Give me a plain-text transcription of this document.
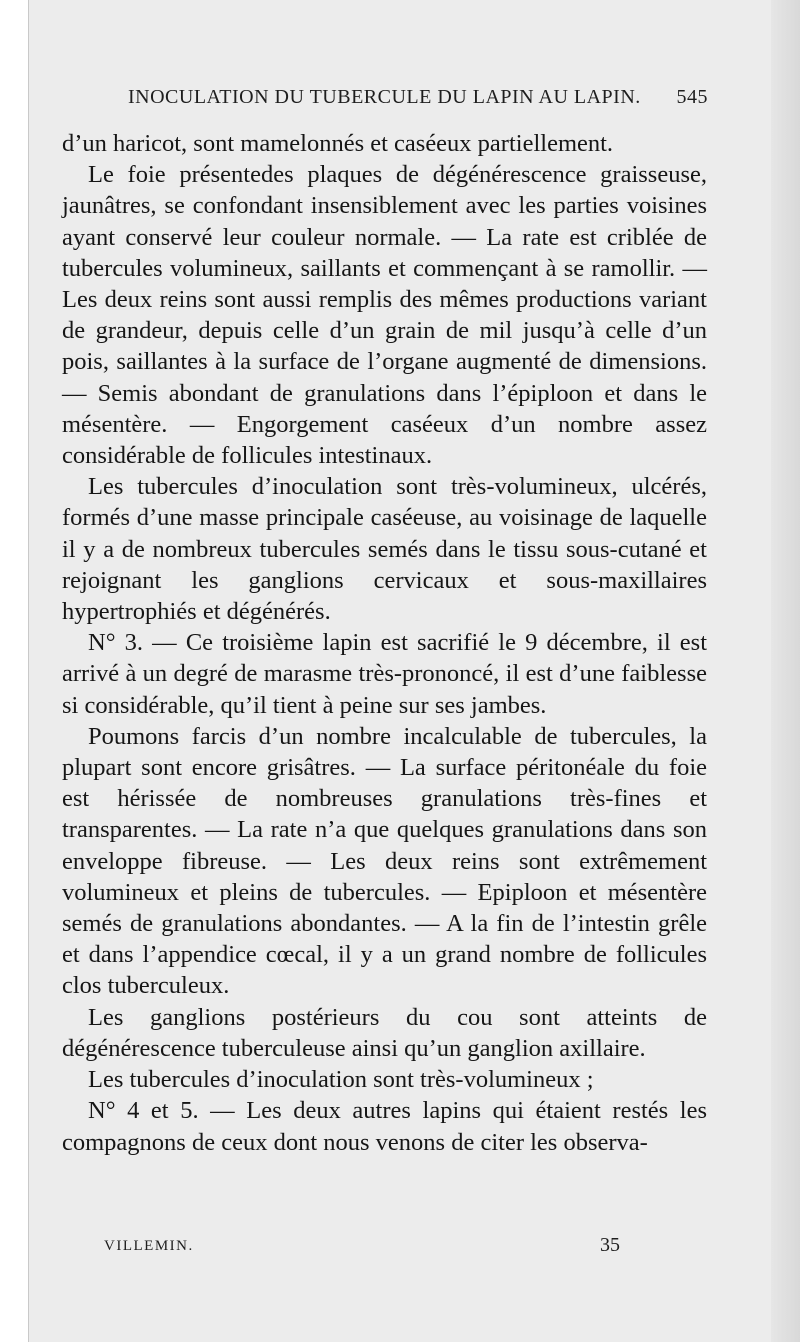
INOCULATION DU TUBERCULE DU LAPIN AU LAPIN. 545

d’un haricot, sont mamelonnés et caséeux partiellement.

Le foie présentedes plaques de dégénérescence graisseuse, jaunâtres, se confondant insensiblement avec les parties voisines ayant conservé leur couleur normale. — La rate est criblée de tubercules volumineux, saillants et commençant à se ramollir. — Les deux reins sont aussi remplis des mêmes productions variant de grandeur, depuis celle d’un grain de mil jusqu’à celle d’un pois, saillantes à la surface de l’organe augmenté de dimensions. — Semis abondant de granulations dans l’épiploon et dans le mésentère. — Engorgement caséeux d’un nombre assez considérable de follicules intestinaux.

Les tubercules d’inoculation sont très-volumineux, ulcérés, formés d’une masse principale caséeuse, au voisinage de laquelle il y a de nombreux tubercules semés dans le tissu sous-cutané et rejoignant les ganglions cervicaux et sous-maxillaires hypertrophiés et dégénérés.

N° 3. — Ce troisième lapin est sacrifié le 9 décembre, il est arrivé à un degré de marasme très-prononcé, il est d’une faiblesse si considérable, qu’il tient à peine sur ses jambes.

Poumons farcis d’un nombre incalculable de tubercules, la plupart sont encore grisâtres. — La surface péritonéale du foie est hérissée de nombreuses granulations très-fines et transparentes. — La rate n’a que quelques granulations dans son enveloppe fibreuse. — Les deux reins sont extrêmement volumineux et pleins de tubercules. — Epiploon et mésentère semés de granulations abondantes. — A la fin de l’intestin grêle et dans l’appendice cœcal, il y a un grand nombre de follicules clos tuberculeux.

Les ganglions postérieurs du cou sont atteints de dégénérescence tuberculeuse ainsi qu’un ganglion axillaire.

Les tubercules d’inoculation sont très-volumineux ;

N° 4 et 5. — Les deux autres lapins qui étaient restés les compagnons de ceux dont nous venons de citer les observa-

VILLEMIN.	35
